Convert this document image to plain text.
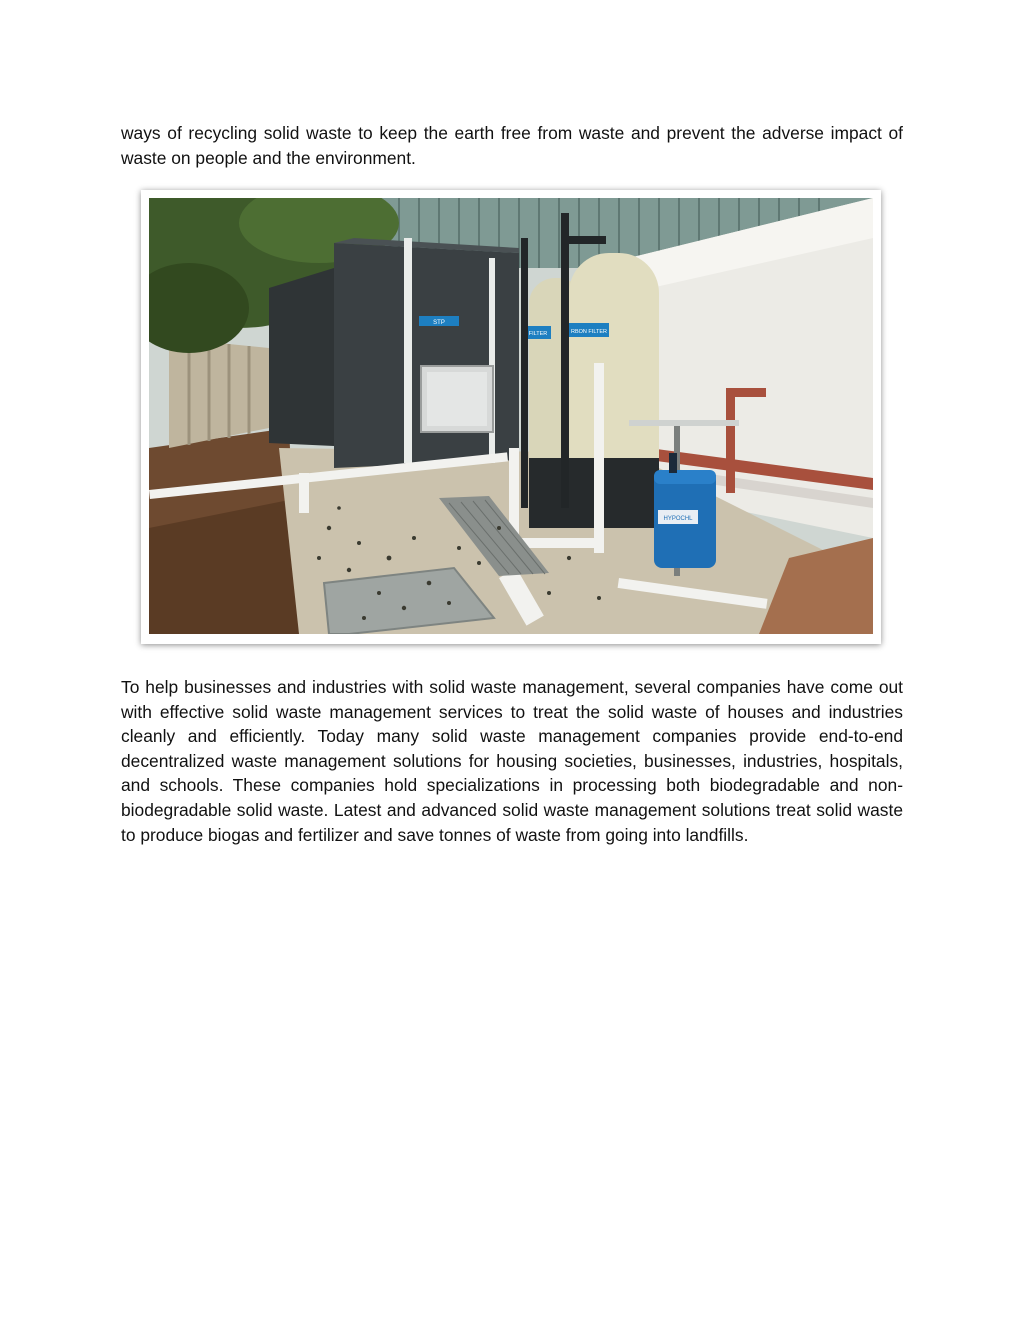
ways of recycling solid waste to keep the earth free from waste and prevent the adverse impact of waste on people and the environment.

STP
FILTER	RBON FILTER
HYPOCHL

To help businesses and industries with solid waste management, several companies have come out with effective solid waste management services to treat the solid waste of houses and industries cleanly and efficiently. Today many solid waste management companies provide end-to-end decentralized waste management solutions for housing societies, businesses, industries, hospitals, and schools. These companies hold specializations in processing both biodegradable and non-biodegradable solid waste. Latest and advanced solid waste management solutions treat solid waste to produce biogas and fertilizer and save tonnes of waste from going into landfills.
